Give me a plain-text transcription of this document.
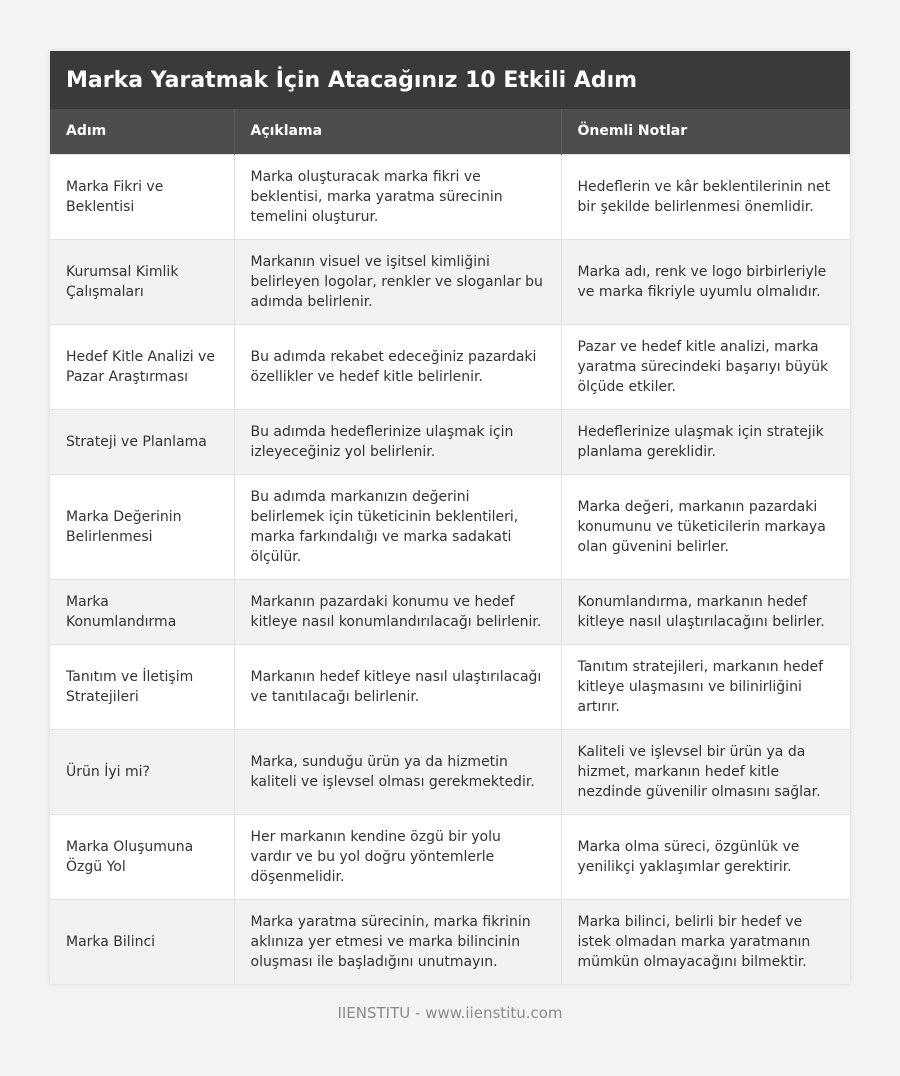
Marka Yaratmak İçin Atacağınız 10 Etkili Adım
Adım	Açıklama	Önemli Notlar
Marka Fikri ve Beklentisi	Marka oluşturacak marka fikri ve beklentisi, marka yaratma sürecinin temelini oluşturur.	Hedeflerin ve kâr beklentilerinin net bir şekilde belirlenmesi önemlidir.
Kurumsal Kimlik Çalışmaları	Markanın visuel ve işitsel kimliğini belirleyen logolar, renkler ve sloganlar bu adımda belirlenir.	Marka adı, renk ve logo birbirleriyle ve marka fikriyle uyumlu olmalıdır.
Hedef Kitle Analizi ve Pazar Araştırması	Bu adımda rekabet edeceğiniz pazardaki özellikler ve hedef kitle belirlenir.	Pazar ve hedef kitle analizi, marka yaratma sürecindeki başarıyı büyük ölçüde etkiler.
Strateji ve Planlama	Bu adımda hedeflerinize ulaşmak için izleyeceğiniz yol belirlenir.	Hedeflerinize ulaşmak için stratejik planlama gereklidir.
Marka Değerinin Belirlenmesi	Bu adımda markanızın değerini belirlemek için tüketicinin beklentileri, marka farkındalığı ve marka sadakati ölçülür.	Marka değeri, markanın pazardaki konumunu ve tüketicilerin markaya olan güvenini belirler.
Marka Konumlandırma	Markanın pazardaki konumu ve hedef kitleye nasıl konumlandırılacağı belirlenir.	Konumlandırma, markanın hedef kitleye nasıl ulaştırılacağını belirler.
Tanıtım ve İletişim Stratejileri	Markanın hedef kitleye nasıl ulaştırılacağı ve tanıtılacağı belirlenir.	Tanıtım stratejileri, markanın hedef kitleye ulaşmasını ve bilinirliğini artırır.
Ürün İyi mi?	Marka, sunduğu ürün ya da hizmetin kaliteli ve işlevsel olması gerekmektedir.	Kaliteli ve işlevsel bir ürün ya da hizmet, markanın hedef kitle nezdinde güvenilir olmasını sağlar.
Marka Oluşumuna Özgü Yol	Her markanın kendine özgü bir yolu vardır ve bu yol doğru yöntemlerle döşenmelidir.	Marka olma süreci, özgünlük ve yenilikçi yaklaşımlar gerektirir.
Marka Bilinci	Marka yaratma sürecinin, marka fikrinin aklınıza yer etmesi ve marka bilincinin oluşması ile başladığını unutmayın.	Marka bilinci, belirli bir hedef ve istek olmadan marka yaratmanın mümkün olmayacağını bilmektir.
IIENSTITU - www.iienstitu.com
